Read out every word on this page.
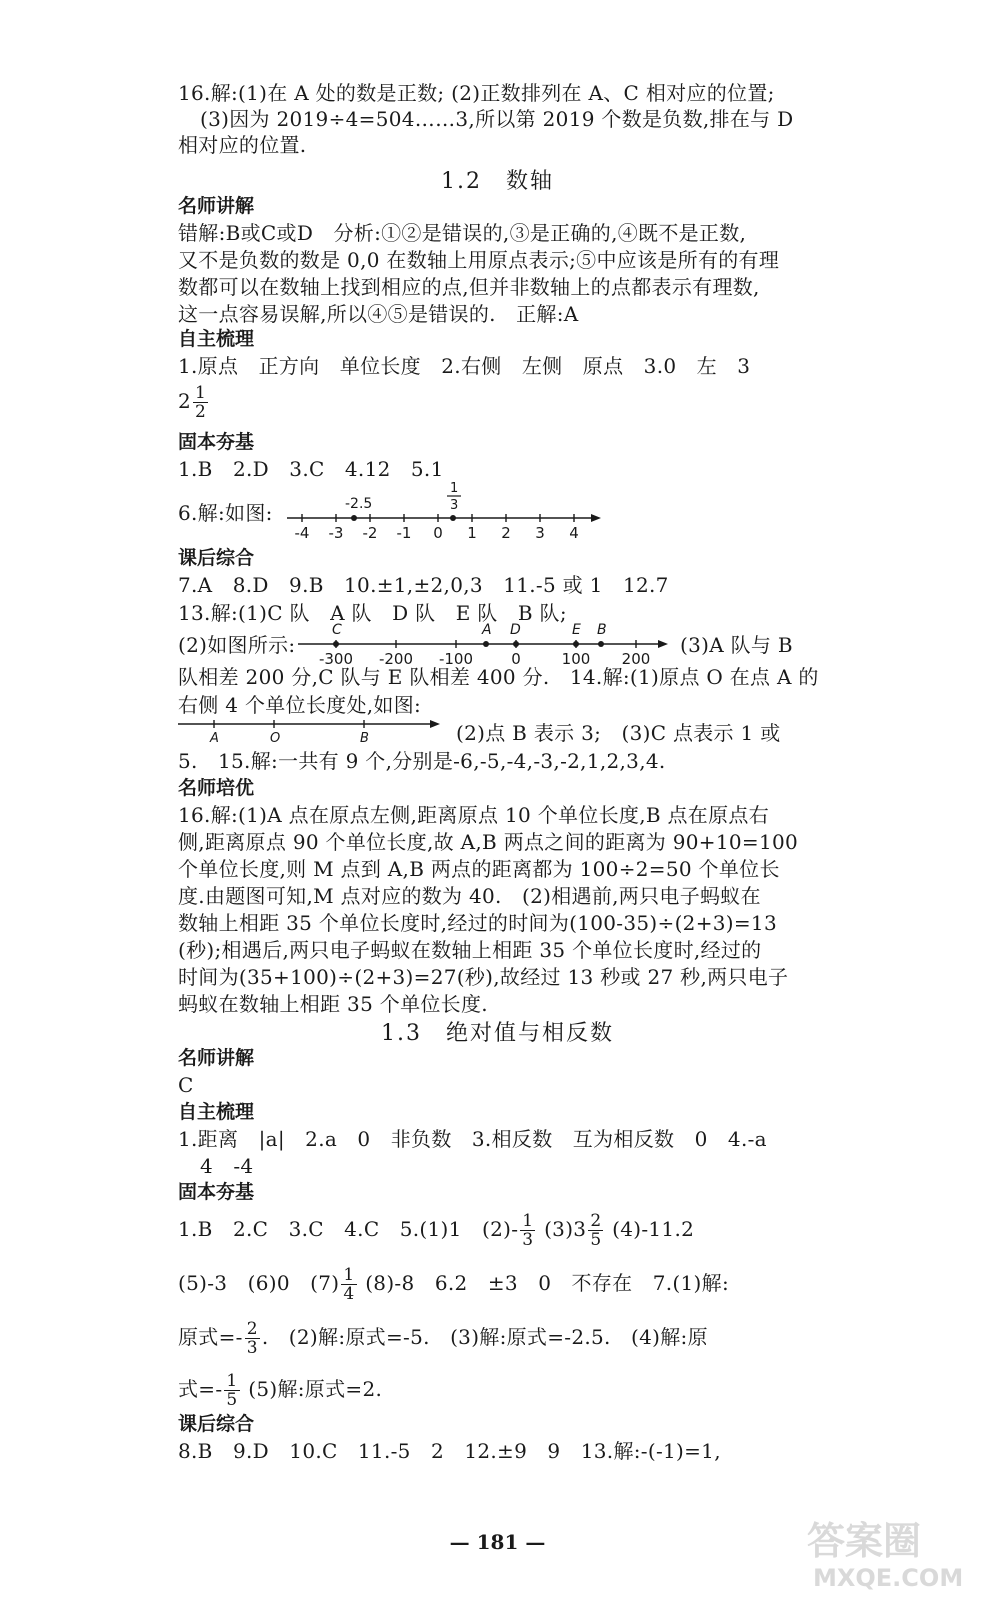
16.解:(1)在 A 处的数是正数; (2)正数排列在 A、C 相对应的位置;
(3)因为 2019÷4=504……3,所以第 2019 个数是负数,排在与 D
相对应的位置.
1.2　数轴
名师讲解
错解:B或C或D　分析:①②是错误的,③是正确的,④既不是正数,
又不是负数的数是 0,0 在数轴上用原点表示;⑤中应该是所有的有理
数都可以在数轴上找到相应的点,但并非数轴上的点都表示有理数,
这一点容易误解,所以④⑤是错误的.　正解:A
自主梳理
1.原点　正方向　单位长度　2.右侧　左侧　原点　3.0　左　3
$2 \frac{1}{2}$
固本夯基
1.B　2.D　3.C　4.12　5.1
6.解:如图:
-4 -3 -2 -1 0 1 2 3 4
-2.5
1
3
课后综合
7.A　8.D　9.B　10.±1,±2,0,3　11.-5 或 1　12.7
13.解:(1)C 队　A 队　D 队　E 队　B 队;
(2)如图所示:
-300 -200 -100	0	100 200
C	A D	E B
(3)A 队与 B
队相差 200 分,C 队与 E 队相差 400 分.　14.解:(1)原点 O 在点 A 的
右侧 4 个单位长度处,如图:
A	O	B	(2)点 B 表示 3;　(3)C 点表示 1 或
5.　15.解:一共有 9 个,分别是-6,-5,-4,-3,-2,1,2,3,4.
名师培优
16.解:(1)A 点在原点左侧,距离原点 10 个单位长度,B 点在原点右
侧,距离原点 90 个单位长度,故 A,B 两点之间的距离为 90+10=100
个单位长度,则 M 点到 A,B 两点的距离都为 100÷2=50 个单位长
度.由题图可知,M 点对应的数为 40.　(2)相遇前,两只电子蚂蚁在
数轴上相距 35 个单位长度时,经过的时间为(100-35)÷(2+3)=13
(秒);相遇后,两只电子蚂蚁在数轴上相距 35 个单位长度时,经过的
时间为(35+100)÷(2+3)=27(秒),故经过 13 秒或 27 秒,两只电子
蚂蚁在数轴上相距 35 个单位长度.
1.3　绝对值与相反数
名师讲解
C
自主梳理
1.距离　|a|　2.a　0　非负数　3.相反数　互为相反数　0　4.-a
4　-4
固本夯基
1.B　2.C　3.C　4.C　5.(1)1　$(2)- \frac{1}{3} (3)3 \frac{2}{5} (4)-11.2$
(5)-3　(6)0　$(7) \frac{1}{4} (8)-8$　6.2　±3　0　不存在　7.(1)解:
原式=- $\frac{2}{3}$ .　(2)解:原式=-5.　(3)解:原式=-2.5.　(4)解:原
式=- $\frac{1}{5} (5)$解:原式=2.
课后综合
8.B　9.D　10.C　11.-5　2　12.±9　9　13.解:-(-1)=1,
— 181 —	答案圈
MXQE.COM
